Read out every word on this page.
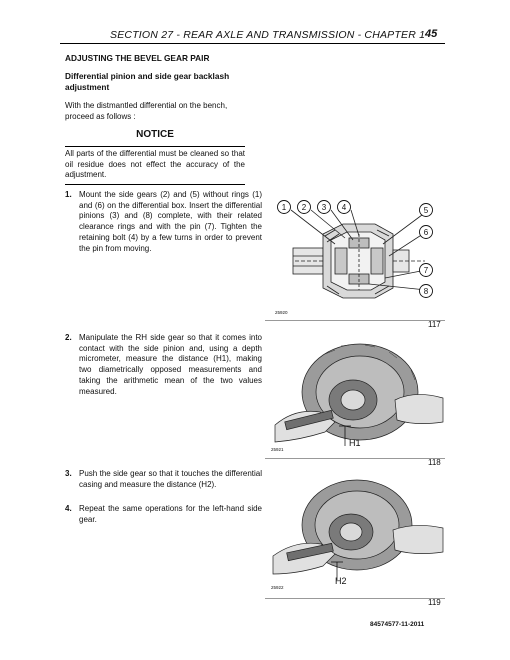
SECTION 27 - REAR AXLE AND TRANSMISSION - CHAPTER 1 45
ADJUSTING THE BEVEL GEAR PAIR
Differential pinion and side gear backlash adjustment
With the distmantled differential on the bench, proceed as follows :
NOTICE
All parts of the differential must be cleaned so that oil residue does not effect the accuracy of the adjustment.
1. Mount the side gears (2) and (5) without rings (1) and (6) on the differential box. Insert the differential pinions (3) and (8) complete, with their related clearance rings and with the pin (7). Tighten the retaining bolt (4) by a few turns in order to prevent the pin from moving.
2. Manipulate the RH side gear so that it comes into contact with the side pinion and, using a depth micrometer, measure the distance (H1), making two diametrically opposed measurements and taking the arithmetic mean of the two values measured.
3. Push the side gear so that it touches the differential casing and measure the distance (H2).
4. Repeat the same operations for the left-hand side gear.
1 2 3 4	5
6
7
8
25920
117
H1
25921
118
H2
25922
119
84574577-11-2011
